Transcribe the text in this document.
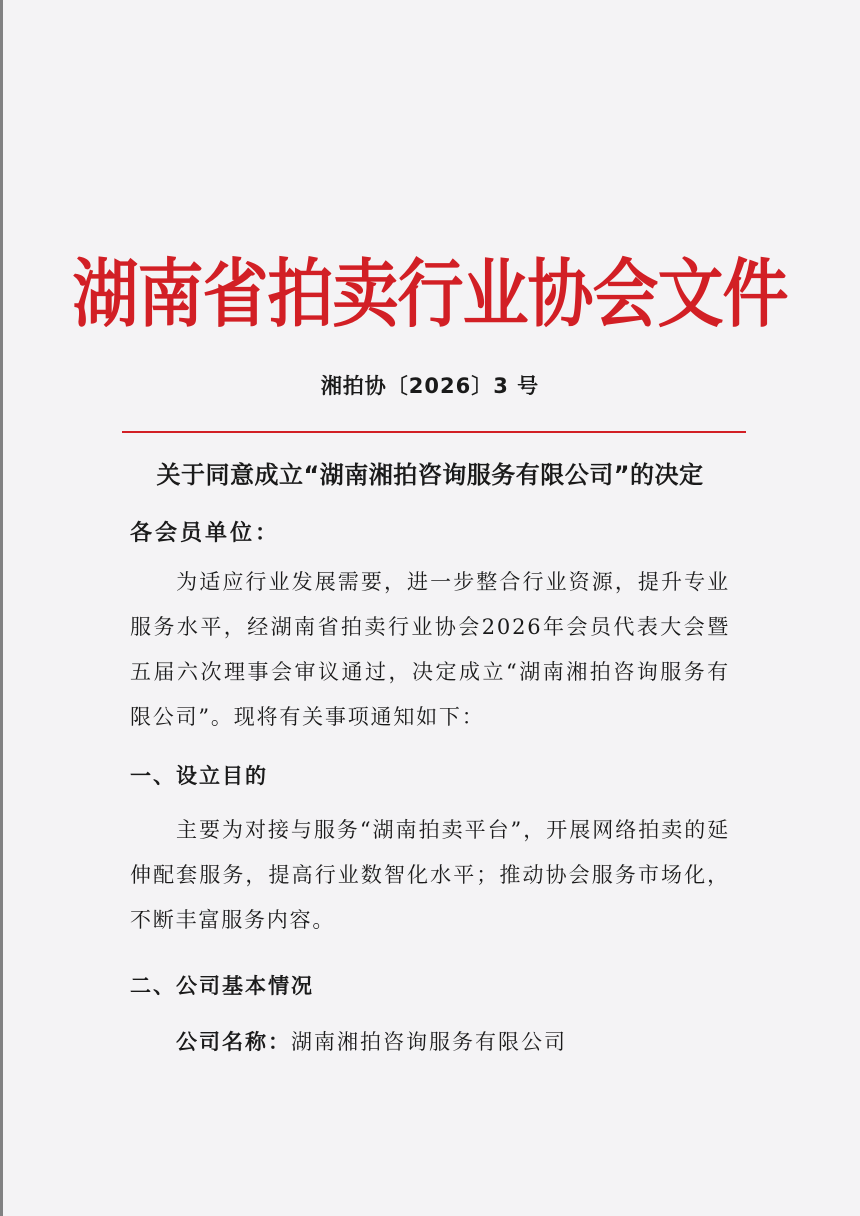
湖南省拍卖行业协会文件
湘拍协〔2026〕3 号
关于同意成立“湖南湘拍咨询服务有限公司”的决定
各会员单位：
　　为适应行业发展需要，进一步整合行业资源，提升专业服务水平，经湖南省拍卖行业协会2026年会员代表大会暨五届六次理事会审议通过，决定成立“湖南湘拍咨询服务有限公司”。现将有关事项通知如下：
一、设立目的
　　主要为对接与服务“湖南拍卖平台”，开展网络拍卖的延伸配套服务，提高行业数智化水平；推动协会服务市场化，不断丰富服务内容。
二、公司基本情况
公司名称：湖南湘拍咨询服务有限公司
